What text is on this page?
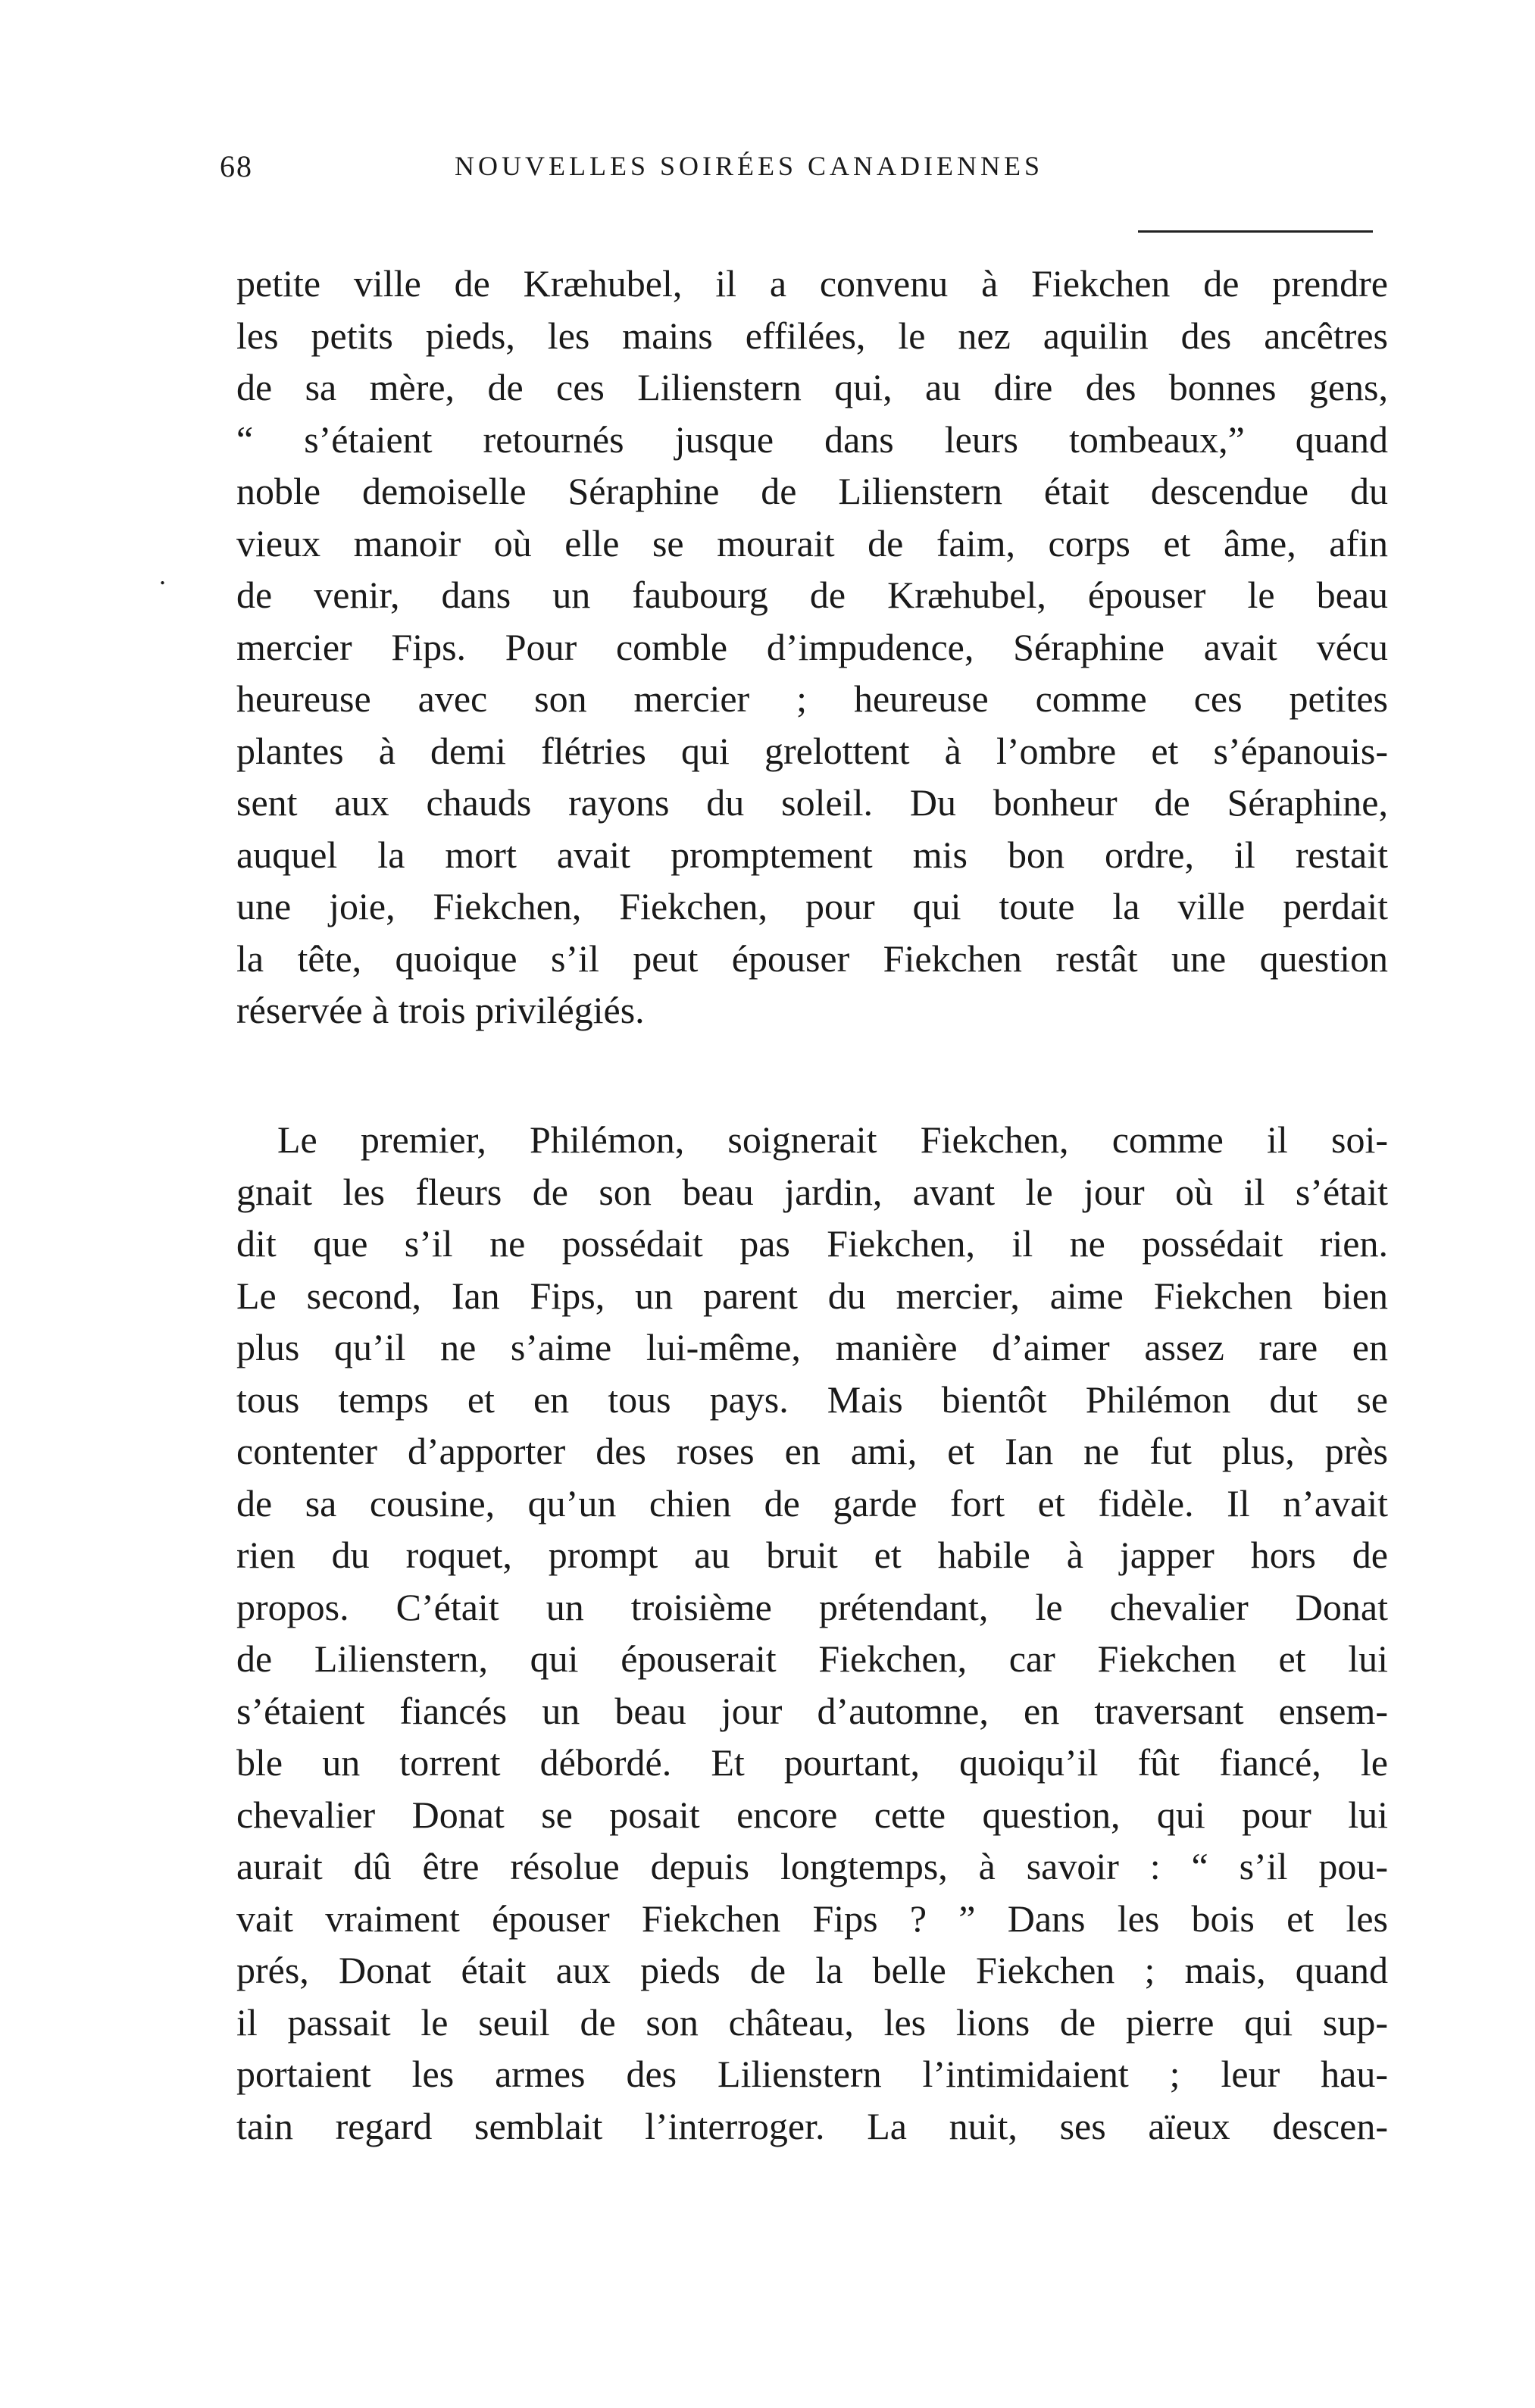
68	NOUVELLES SOIRÉES CANADIENNES
.
petite ville de Kræhubel, il a convenu à Fiekchen de prendre
les petits pieds, les mains effilées, le nez aquilin des ancêtres
de sa mère, de ces Lilienstern qui, au dire des bonnes gens,
“ s’étaient retournés jusque dans leurs tombeaux,” quand
noble demoiselle Séraphine de Lilienstern était descendue du
vieux manoir où elle se mourait de faim, corps et âme, afin
de venir, dans un faubourg de Kræhubel, épouser le beau
mercier Fips. Pour comble d’impudence, Séraphine avait vécu
heureuse avec son mercier ; heureuse comme ces petites
plantes à demi flétries qui grelottent à l’ombre et s’épanouis-
sent aux chauds rayons du soleil. Du bonheur de Séraphine,
auquel la mort avait promptement mis bon ordre, il restait
une joie, Fiekchen, Fiekchen, pour qui toute la ville perdait
la tête, quoique s’il peut épouser Fiekchen restât une question
réservée à trois privilégiés.
Le premier, Philémon, soignerait Fiekchen, comme il soi-
gnait les fleurs de son beau jardin, avant le jour où il s’était
dit que s’il ne possédait pas Fiekchen, il ne possédait rien.
Le second, Ian Fips, un parent du mercier, aime Fiekchen bien
plus qu’il ne s’aime lui-même, manière d’aimer assez rare en
tous temps et en tous pays. Mais bientôt Philémon dut se
contenter d’apporter des roses en ami, et Ian ne fut plus, près
de sa cousine, qu’un chien de garde fort et fidèle. Il n’avait
rien du roquet, prompt au bruit et habile à japper hors de
propos. C’était un troisième prétendant, le chevalier Donat
de Lilienstern, qui épouserait Fiekchen, car Fiekchen et lui
s’étaient fiancés un beau jour d’automne, en traversant ensem-
ble un torrent débordé. Et pourtant, quoiqu’il fût fiancé, le
chevalier Donat se posait encore cette question, qui pour lui
aurait dû être résolue depuis longtemps, à savoir : “ s’il pou-
vait vraiment épouser Fiekchen Fips ? ” Dans les bois et les
prés, Donat était aux pieds de la belle Fiekchen ; mais, quand
il passait le seuil de son château, les lions de pierre qui sup-
portaient les armes des Lilienstern l’intimidaient ; leur hau-
tain regard semblait l’interroger. La nuit, ses aïeux descen-
